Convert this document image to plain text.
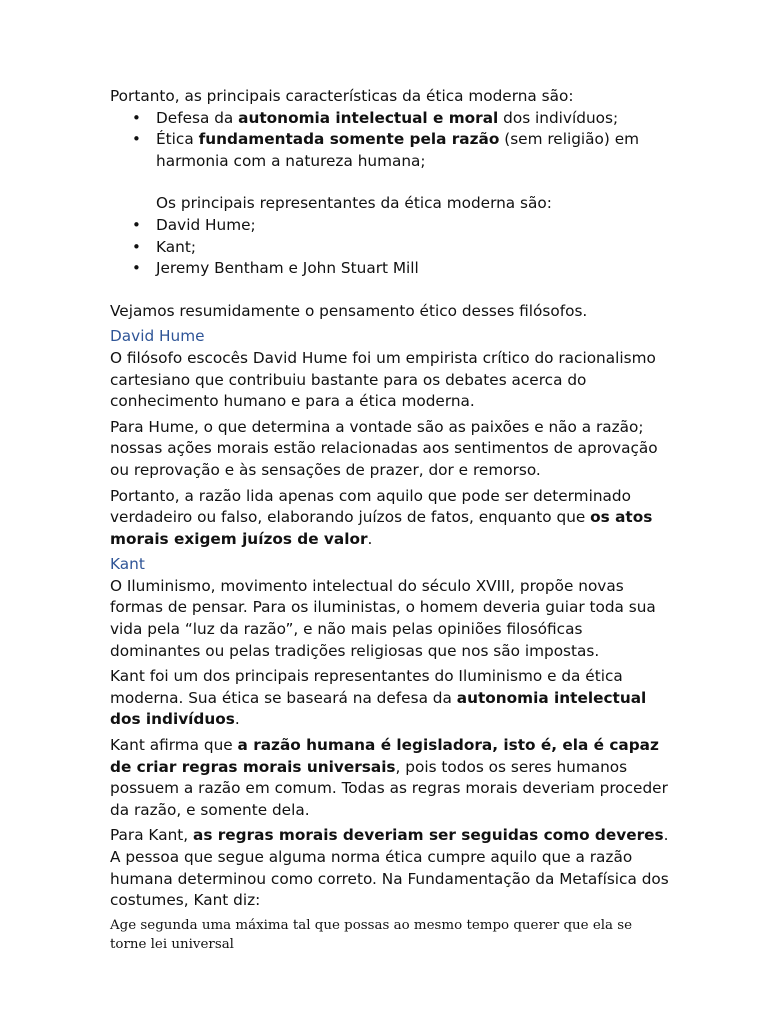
Portanto, as principais características da ética moderna são:

• Defesa da autonomia intelectual e moral dos indivíduos;
• Ética fundamentada somente pela razão (sem religião) em harmonia com a natureza humana;

Os principais representantes da ética moderna são:

• David Hume;
• Kant;
• Jeremy Bentham e John Stuart Mill

Vejamos resumidamente o pensamento ético desses filósofos.

David Hume

O filósofo escocês David Hume foi um empirista crítico do racionalismo cartesiano que contribuiu bastante para os debates acerca do conhecimento humano e para a ética moderna.

Para Hume, o que determina a vontade são as paixões e não a razão; nossas ações morais estão relacionadas aos sentimentos de aprovação ou reprovação e às sensações de prazer, dor e remorso.

Portanto, a razão lida apenas com aquilo que pode ser determinado verdadeiro ou falso, elaborando juízos de fatos, enquanto que os atos morais exigem juízos de valor.

Kant

O Iluminismo, movimento intelectual do século XVIII, propõe novas formas de pensar. Para os iluministas, o homem deveria guiar toda sua vida pela “luz da razão”, e não mais pelas opiniões filosóficas dominantes ou pelas tradições religiosas que nos são impostas.

Kant foi um dos principais representantes do Iluminismo e da ética moderna. Sua ética se baseará na defesa da autonomia intelectual dos indivíduos.

Kant afirma que a razão humana é legisladora, isto é, ela é capaz de criar regras morais universais, pois todos os seres humanos possuem a razão em comum. Todas as regras morais deveriam proceder da razão, e somente dela.

Para Kant, as regras morais deveriam ser seguidas como deveres. A pessoa que segue alguma norma ética cumpre aquilo que a razão humana determinou como correto. Na Fundamentação da Metafísica dos costumes, Kant diz:

Age segunda uma máxima tal que possas ao mesmo tempo querer que ela se torne lei universal
